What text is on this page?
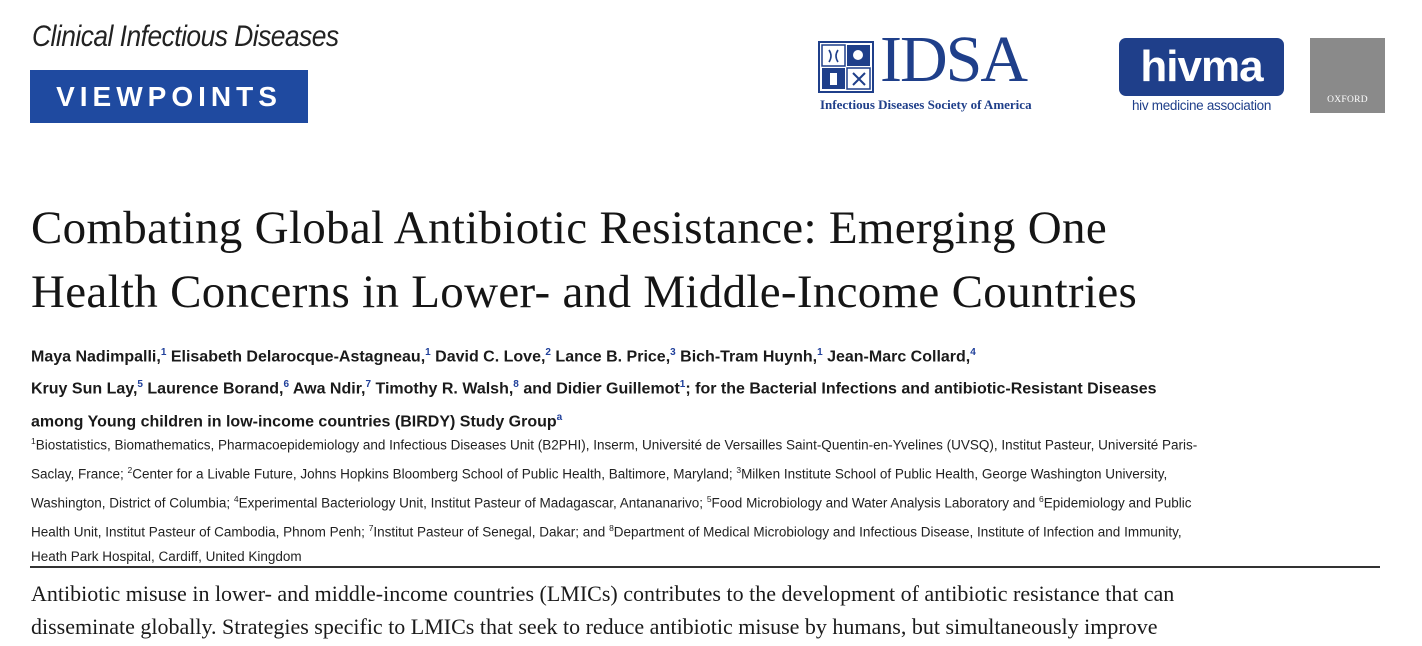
Clinical Infectious Diseases
VIEWPOINTS	IDSA
Infectious Diseases Society of America
hivma
hiv medicine association	OXFORD
Combating Global Antibiotic Resistance: Emerging One
Health Concerns in Lower- and Middle-Income Countries
Maya Nadimpalli,$^1$ Elisabeth Delarocque-Astagneau,$^1$ David C. Love,$^2$ Lance B. Price,$^3$ Bich-Tram Huynh,$^1$ Jean-Marc Collard,$^4$
Kruy Sun Lay,$^5$ Laurence Borand,$^6$ Awa Ndir,$^7$ Timothy R. Walsh,$^8$ and Didier Guillemot$^1$; for the Bacterial Infections and antibiotic-Resistant Diseases
among Young children in low-income countries (BIRDY) Study Group$^a$
$^1$Biostatistics, Biomathematics, Pharmacoepidemiology and Infectious Diseases Unit (B2PHI), Inserm, Université de Versailles Saint-Quentin-en-Yvelines (UVSQ), Institut Pasteur, Université Paris-
Saclay, France; $^2$Center for a Livable Future, Johns Hopkins Bloomberg School of Public Health, Baltimore, Maryland; $^3$Milken Institute School of Public Health, George Washington University,
Washington, District of Columbia; $^4$Experimental Bacteriology Unit, Institut Pasteur of Madagascar, Antananarivo; $^5$Food Microbiology and Water Analysis Laboratory and $^6$Epidemiology and Public
Health Unit, Institut Pasteur of Cambodia, Phnom Penh; $^7$Institut Pasteur of Senegal, Dakar; and $^8$Department of Medical Microbiology and Infectious Disease, Institute of Infection and Immunity,
Heath Park Hospital, Cardiff, United Kingdom
Antibiotic misuse in lower- and middle-income countries (LMICs) contributes to the development of antibiotic resistance that can
disseminate globally. Strategies specific to LMICs that seek to reduce antibiotic misuse by humans, but simultaneously improve
